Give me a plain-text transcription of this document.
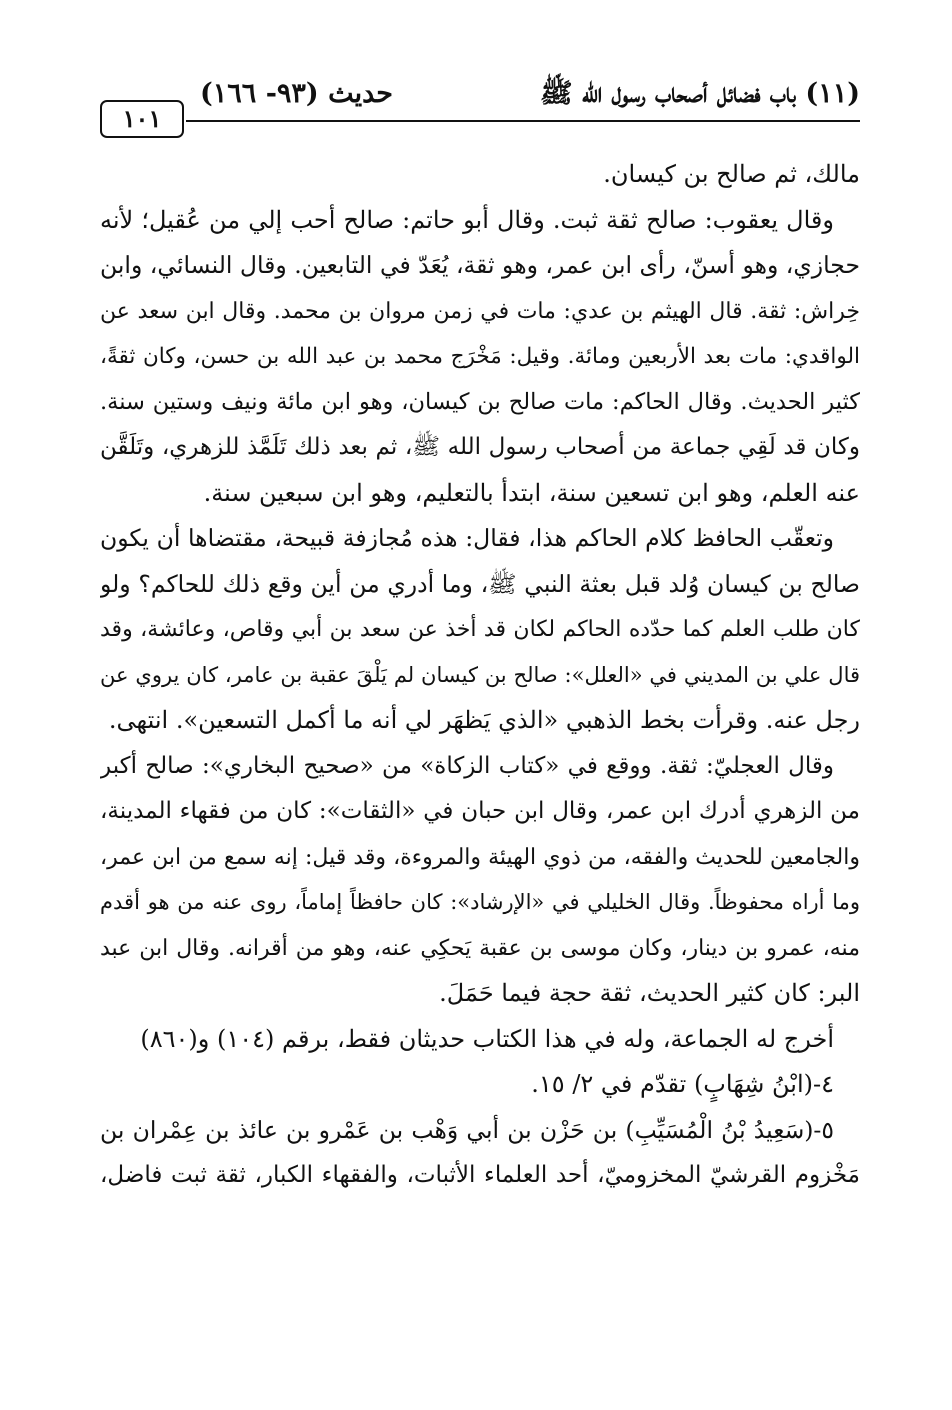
(١١) باب فضائل أصحاب رسول الله ﷺ
حديث (٩٣- ١٦٦)
١٠١
مالك، ثم صالح بن كيسان.
وقال يعقوب: صالح ثقة ثبت. وقال أبو حاتم: صالح أحب إلي من عُقيل؛ لأنه
حجازي، وهو أسنّ، رأى ابن عمر، وهو ثقة، يُعَدّ في التابعين. وقال النسائي، وابن
خِراش: ثقة. قال الهيثم بن عدي: مات في زمن مروان بن محمد. وقال ابن سعد عن
الواقدي: مات بعد الأربعين ومائة. وقيل: مَخْرَج محمد بن عبد الله بن حسن، وكان ثقةً،
كثير الحديث. وقال الحاكم: مات صالح بن كيسان، وهو ابن مائة ونيف وستين سنة.
وكان قد لَقِي جماعة من أصحاب رسول الله ﷺ، ثم بعد ذلك تَلَمَّذ للزهري، وتَلَقَّن
عنه العلم، وهو ابن تسعين سنة، ابتدأ بالتعليم، وهو ابن سبعين سنة.
وتعقّب الحافظ كلام الحاكم هذا، فقال: هذه مُجازفة قبيحة، مقتضاها أن يكون
صالح بن كيسان وُلد قبل بعثة النبي ﷺ، وما أدري من أين وقع ذلك للحاكم؟ ولو
كان طلب العلم كما حدّده الحاكم لكان قد أخذ عن سعد بن أبي وقاص، وعائشة، وقد
قال علي بن المديني في «العلل»: صالح بن كيسان لم يَلْقَ عقبة بن عامر، كان يروي عن
رجل عنه. وقرأت بخط الذهبي «الذي يَظهَر لي أنه ما أكمل التسعين». انتهى.
وقال العجليّ: ثقة. ووقع في «كتاب الزكاة» من «صحيح البخاري»: صالح أكبر
من الزهري أدرك ابن عمر، وقال ابن حبان في «الثقات»: كان من فقهاء المدينة،
والجامعين للحديث والفقه، من ذوي الهيئة والمروءة، وقد قيل: إنه سمع من ابن عمر،
وما أراه محفوظاً. وقال الخليلي في «الإرشاد»: كان حافظاً إماماً، روى عنه من هو أقدم
منه، عمرو بن دينار، وكان موسى بن عقبة يَحكِي عنه، وهو من أقرانه. وقال ابن عبد
البر: كان كثير الحديث، ثقة حجة فيما حَمَلَ.
أخرج له الجماعة، وله في هذا الكتاب حديثان فقط، برقم (١٠٤) و(٨٦٠)
٤-(ابْنُ شِهَابٍ) تقدّم في ٢/ ١٥.
٥-(سَعِيدُ بْنُ الْمُسَيِّبِ) بن حَزْن بن أبي وَهْب بن عَمْرو بن عائذ بن عِمْران بن
مَخْزوم القرشيّ المخزوميّ، أحد العلماء الأثبات، والفقهاء الكبار، ثقة ثبت فاضل،
